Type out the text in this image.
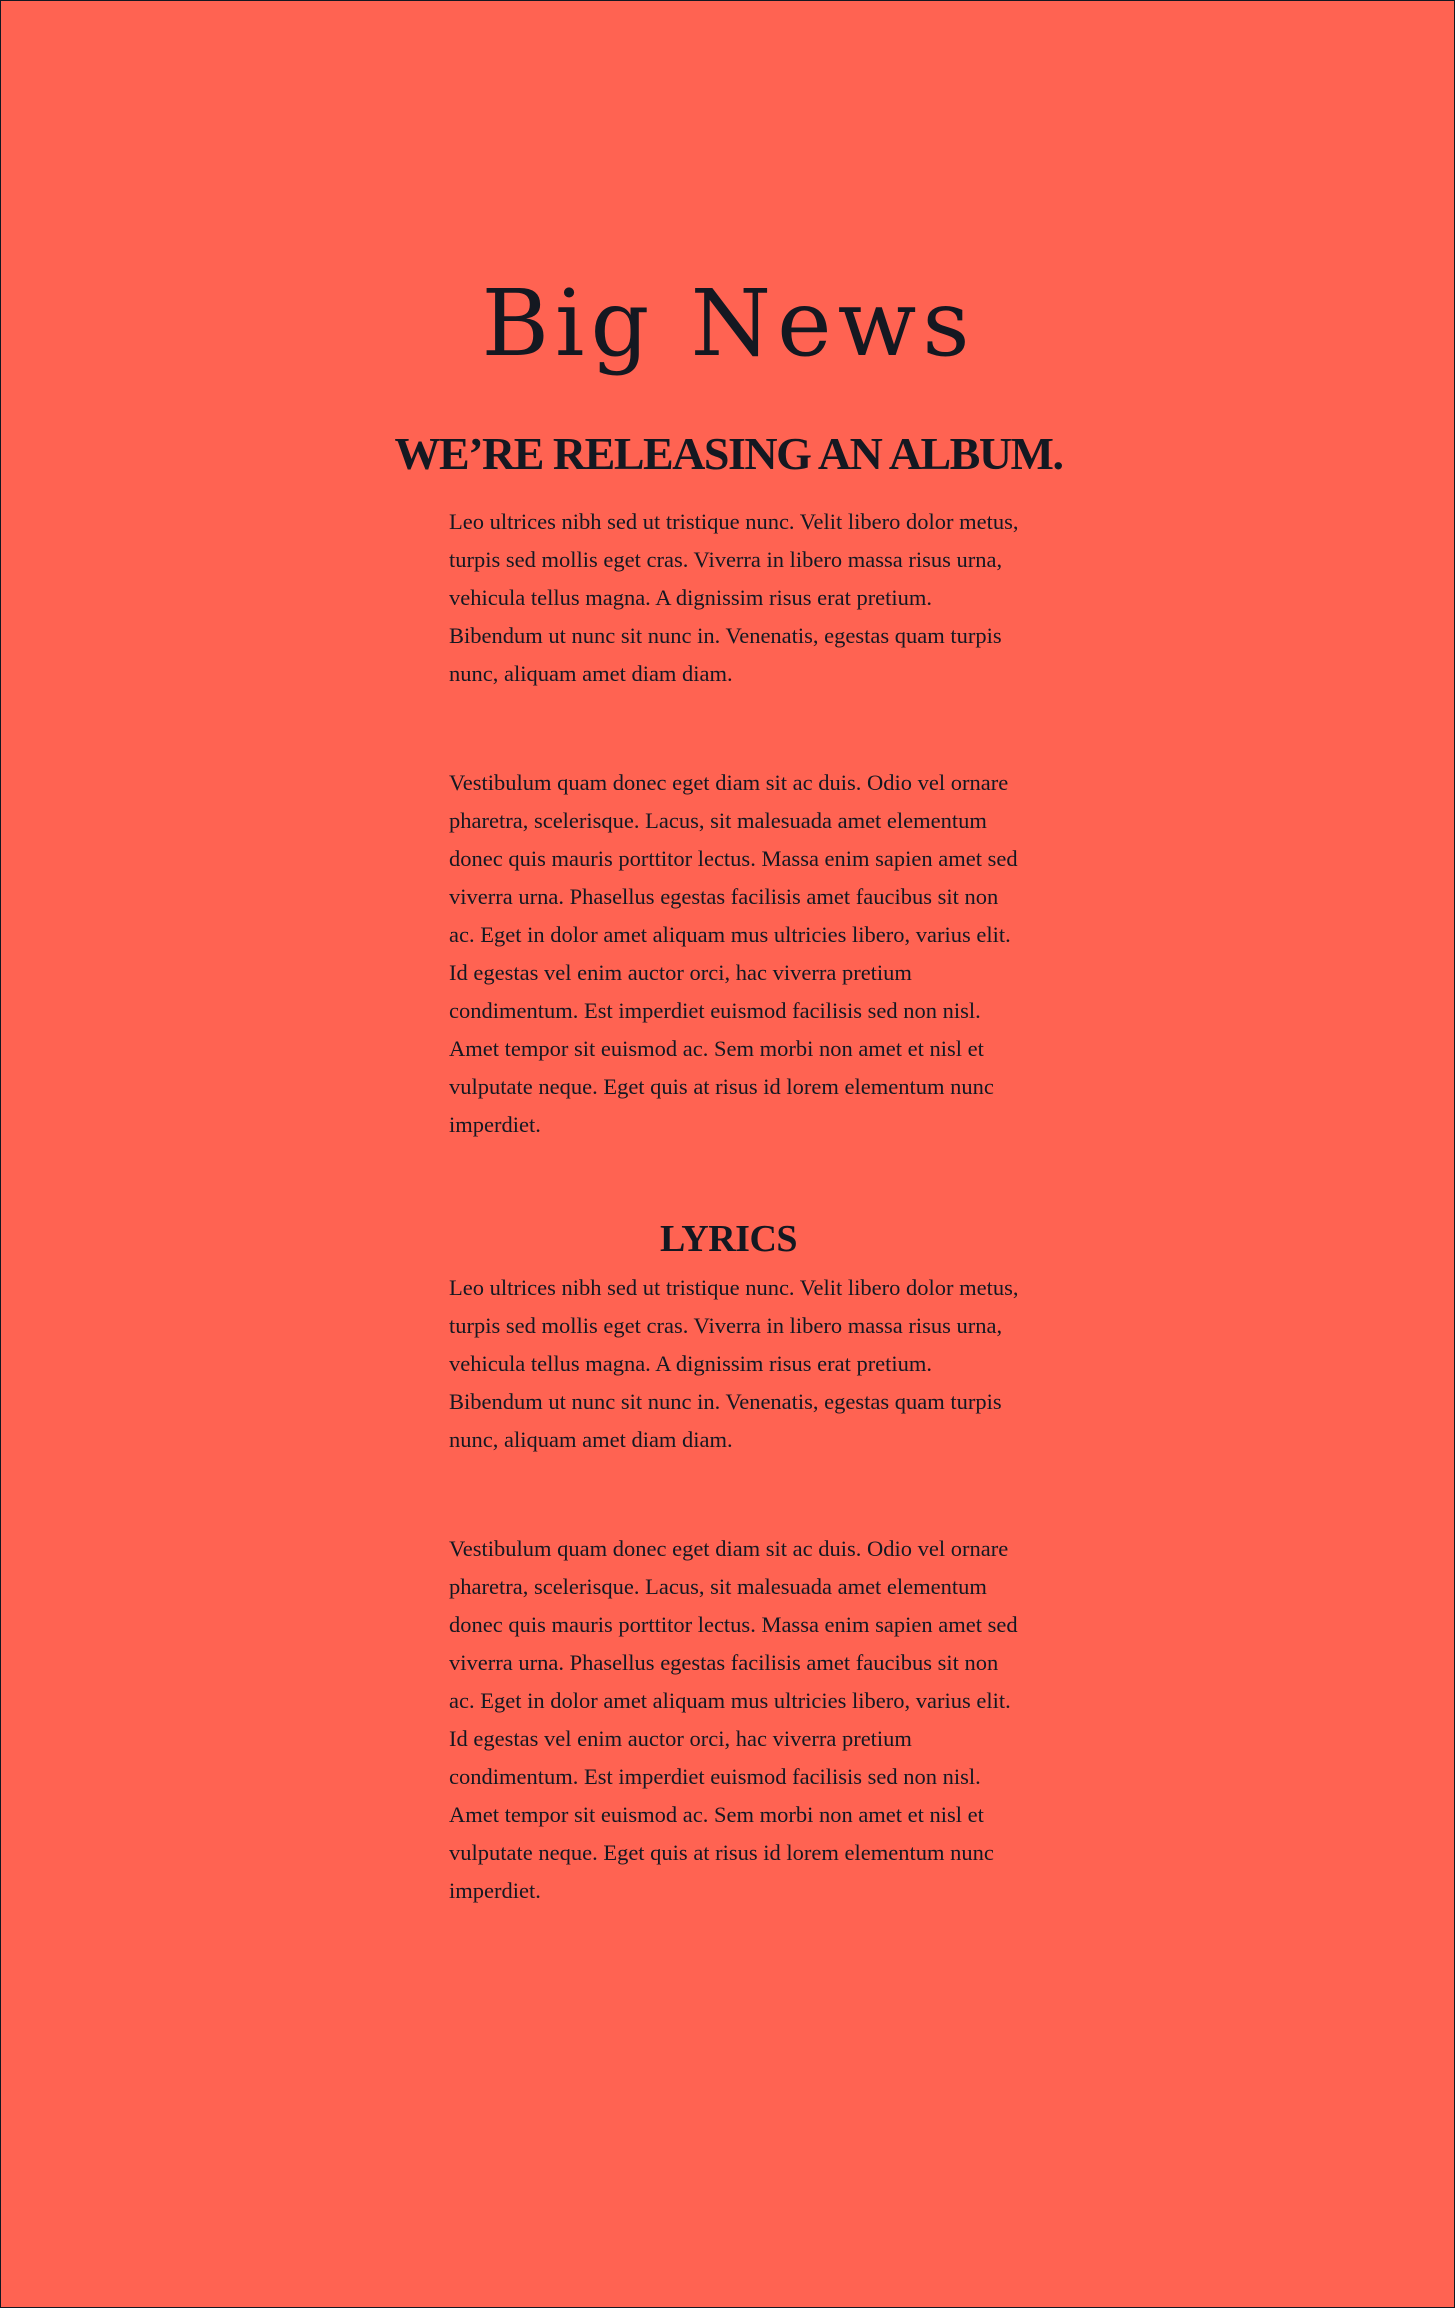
Big News
WE’RE RELEASING AN ALBUM.

Leo ultrices nibh sed ut tristique nunc. Velit libero dolor metus, turpis sed mollis eget cras. Viverra in libero massa risus urna, vehicula tellus magna. A dignissim risus erat pretium. Bibendum ut nunc sit nunc in. Venenatis, egestas quam turpis nunc, aliquam amet diam diam.

Vestibulum quam donec eget diam sit ac duis. Odio vel ornare pharetra, scelerisque. Lacus, sit malesuada amet elementum donec quis mauris porttitor lectus. Massa enim sapien amet sed viverra urna. Phasellus egestas facilisis amet faucibus sit non ac. Eget in dolor amet aliquam mus ultricies libero, varius elit. Id egestas vel enim auctor orci, hac viverra pretium condimentum. Est imperdiet euismod facilisis sed non nisl. Amet tempor sit euismod ac. Sem morbi non amet et nisl et vulputate neque. Eget quis at risus id lorem elementum nunc imperdiet.

LYRICS

Leo ultrices nibh sed ut tristique nunc. Velit libero dolor metus, turpis sed mollis eget cras. Viverra in libero massa risus urna, vehicula tellus magna. A dignissim risus erat pretium. Bibendum ut nunc sit nunc in. Venenatis, egestas quam turpis nunc, aliquam amet diam diam.

Vestibulum quam donec eget diam sit ac duis. Odio vel ornare pharetra, scelerisque. Lacus, sit malesuada amet elementum donec quis mauris porttitor lectus. Massa enim sapien amet sed viverra urna. Phasellus egestas facilisis amet faucibus sit non ac. Eget in dolor amet aliquam mus ultricies libero, varius elit. Id egestas vel enim auctor orci, hac viverra pretium condimentum. Est imperdiet euismod facilisis sed non nisl. Amet tempor sit euismod ac. Sem morbi non amet et nisl et vulputate neque. Eget quis at risus id lorem elementum nunc imperdiet.
